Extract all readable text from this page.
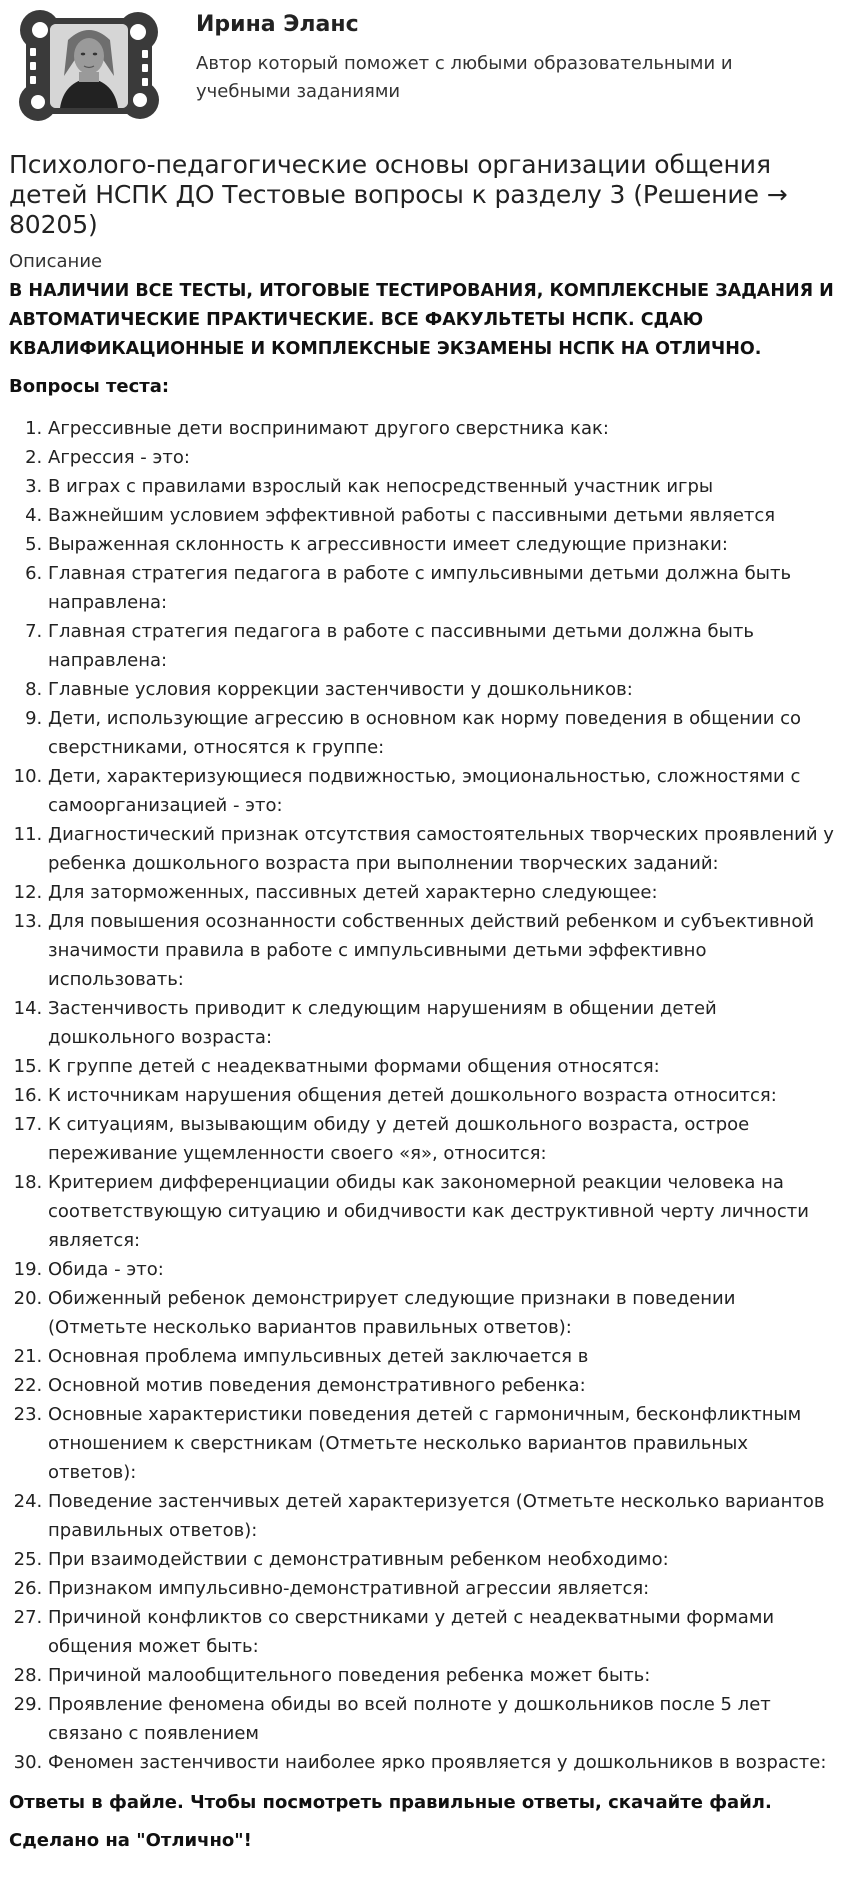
Ирина Эланс

Автор который поможет с любыми образовательными и учебными заданиями

Психолого-педагогические основы организации общения детей НСПК ДО Тестовые вопросы к разделу 3 (Решение → 80205)

Описание

В НАЛИЧИИ ВСЕ ТЕСТЫ, ИТОГОВЫЕ ТЕСТИРОВАНИЯ, КОМПЛЕКСНЫЕ ЗАДАНИЯ И АВТОМАТИЧЕСКИЕ ПРАКТИЧЕСКИЕ. ВСЕ ФАКУЛЬТЕТЫ НСПК. СДАЮ КВАЛИФИКАЦИОННЫЕ И КОМПЛЕКСНЫЕ ЭКЗАМЕНЫ НСПК НА ОТЛИЧНО.

Вопросы теста:

1. Агрессивные дети воспринимают другого сверстника как:
2. Агрессия - это:
3. В играх с правилами взрослый как непосредственный участник игры
4. Важнейшим условием эффективной работы с пассивными детьми является
5. Выраженная склонность к агрессивности имеет следующие признаки:
6. Главная стратегия педагога в работе с импульсивными детьми должна быть направлена:
7. Главная стратегия педагога в работе с пассивными детьми должна быть направлена:
8. Главные условия коррекции застенчивости у дошкольников:
9. Дети, использующие агрессию в основном как норму поведения в общении со сверстниками, относятся к группе:
10. Дети, характеризующиеся подвижностью, эмоциональностью, сложностями с самоорганизацией - это:
11. Диагностический признак отсутствия самостоятельных творческих проявлений у ребенка дошкольного возраста при выполнении творческих заданий:
12. Для заторможенных, пассивных детей характерно следующее:
13. Для повышения осознанности собственных действий ребенком и субъективной значимости правила в работе с импульсивными детьми эффективно использовать:
14. Застенчивость приводит к следующим нарушениям в общении детей дошкольного возраста:
15. К группе детей с неадекватными формами общения относятся:
16. К источникам нарушения общения детей дошкольного возраста относится:
17. К ситуациям, вызывающим обиду у детей дошкольного возраста, острое переживание ущемленности своего «я», относится:
18. Критерием дифференциации обиды как закономерной реакции человека на соответствующую ситуацию и обидчивости как деструктивной черту личности является:
19. Обида - это:
20. Обиженный ребенок демонстрирует следующие признаки в поведении (Отметьте несколько вариантов правильных ответов):
21. Основная проблема импульсивных детей заключается в
22. Основной мотив поведения демонстративного ребенка:
23. Основные характеристики поведения детей с гармоничным, бесконфликтным отношением к сверстникам (Отметьте несколько вариантов правильных ответов):
24. Поведение застенчивых детей характеризуется (Отметьте несколько вариантов правильных ответов):
25. При взаимодействии с демонстративным ребенком необходимо:
26. Признаком импульсивно-демонстративной агрессии является:
27. Причиной конфликтов со сверстниками у детей с неадекватными формами общения может быть:
28. Причиной малообщительного поведения ребенка может быть:
29. Проявление феномена обиды во всей полноте у дошкольников после 5 лет связано с появлением
30. Феномен застенчивости наиболее ярко проявляется у дошкольников в возрасте:

Ответы в файле. Чтобы посмотреть правильные ответы, скачайте файл.

Сделано на "Отлично"!
